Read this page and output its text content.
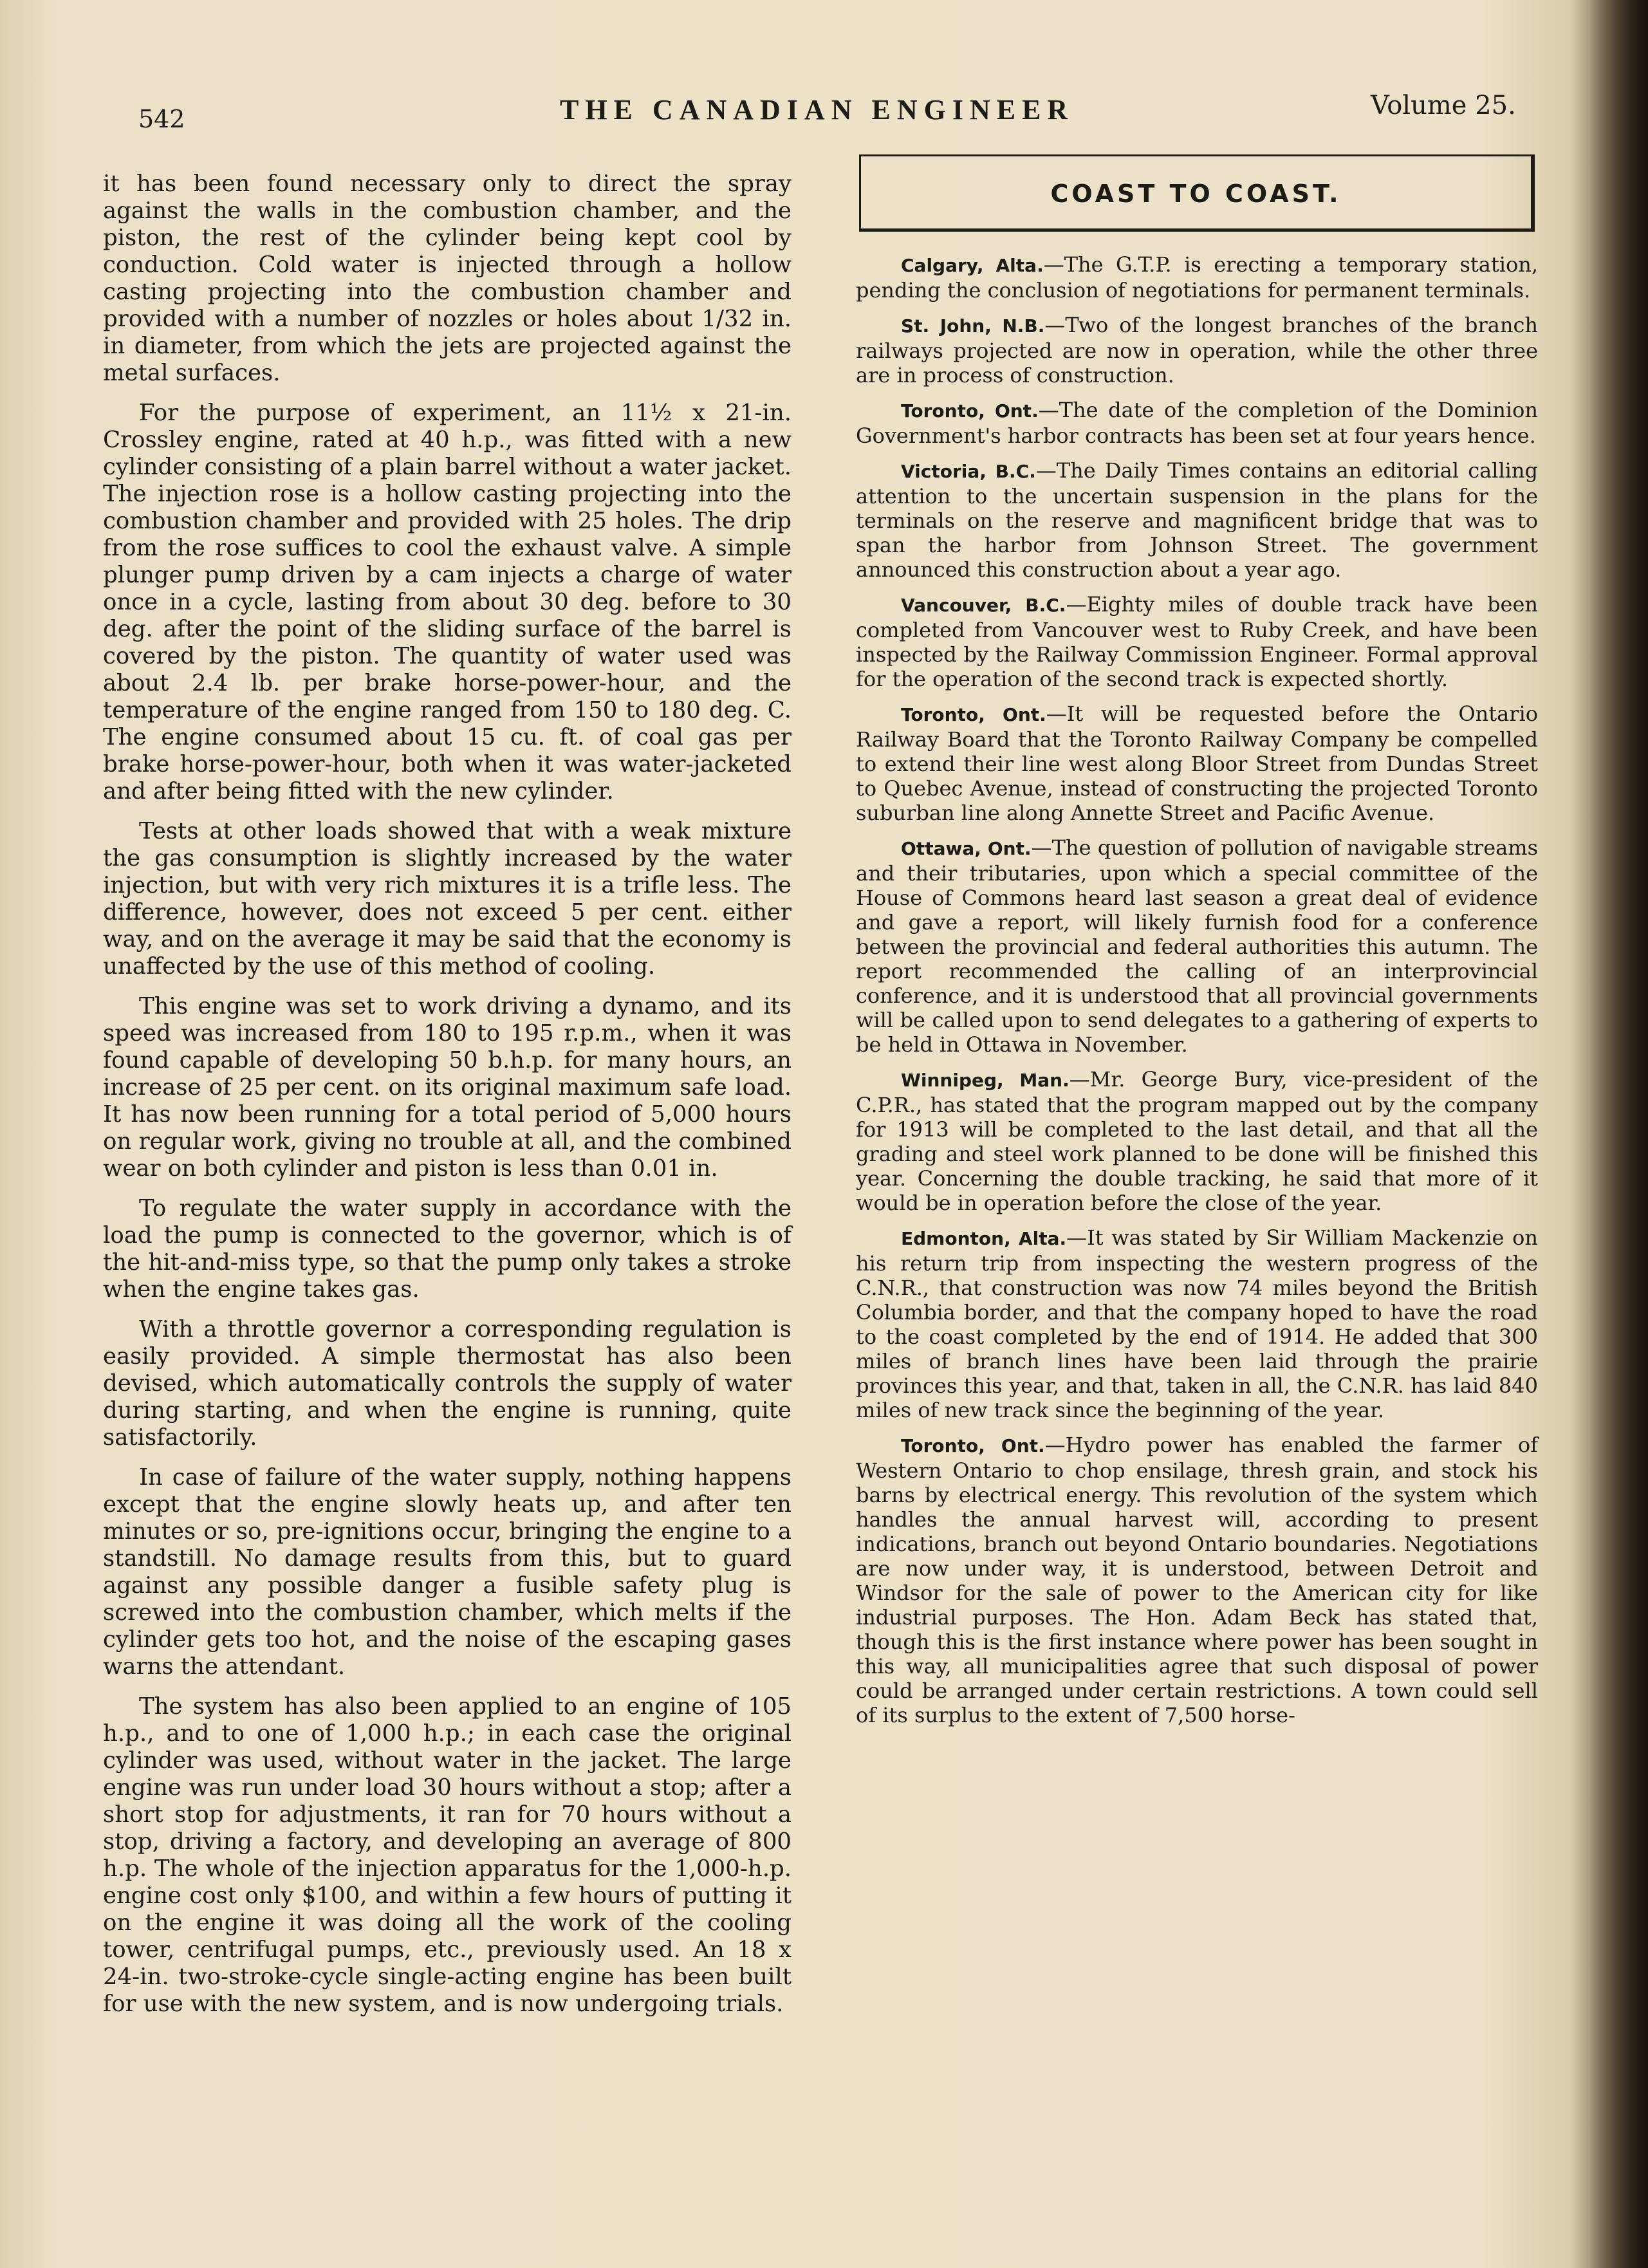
542	THE CANADIAN ENGINEER	Volume 25.

it has been found necessary only to direct the spray against the walls in the combustion chamber, and the piston, the rest of the cylinder being kept cool by conduction. Cold water is injected through a hollow casting projecting into the combustion chamber and provided with a number of nozzles or holes about 1/32 in. in diameter, from which the jets are projected against the metal surfaces.

For the purpose of experiment, an 11½ x 21-in. Crossley engine, rated at 40 h.p., was fitted with a new cylinder consisting of a plain barrel without a water jacket. The injection rose is a hollow casting projecting into the combustion chamber and provided with 25 holes. The drip from the rose suffices to cool the exhaust valve. A simple plunger pump driven by a cam injects a charge of water once in a cycle, lasting from about 30 deg. before to 30 deg. after the point of the sliding surface of the barrel is covered by the piston. The quantity of water used was about 2.4 lb. per brake horse-power-hour, and the temperature of the engine ranged from 150 to 180 deg. C. The engine consumed about 15 cu. ft. of coal gas per brake horse-power-hour, both when it was water-jacketed and after being fitted with the new cylinder.

Tests at other loads showed that with a weak mixture the gas consumption is slightly increased by the water injection, but with very rich mixtures it is a trifle less. The difference, however, does not exceed 5 per cent. either way, and on the average it may be said that the economy is unaffected by the use of this method of cooling.

This engine was set to work driving a dynamo, and its speed was increased from 180 to 195 r.p.m., when it was found capable of developing 50 b.h.p. for many hours, an increase of 25 per cent. on its original maximum safe load. It has now been running for a total period of 5,000 hours on regular work, giving no trouble at all, and the combined wear on both cylinder and piston is less than 0.01 in.

To regulate the water supply in accordance with the load the pump is connected to the governor, which is of the hit-and-miss type, so that the pump only takes a stroke when the engine takes gas.

With a throttle governor a corresponding regulation is easily provided. A simple thermostat has also been devised, which automatically controls the supply of water during starting, and when the engine is running, quite satisfactorily.

In case of failure of the water supply, nothing happens except that the engine slowly heats up, and after ten minutes or so, pre-ignitions occur, bringing the engine to a standstill. No damage results from this, but to guard against any possible danger a fusible safety plug is screwed into the combustion chamber, which melts if the cylinder gets too hot, and the noise of the escaping gases warns the attendant.

The system has also been applied to an engine of 105 h.p., and to one of 1,000 h.p.; in each case the original cylinder was used, without water in the jacket. The large engine was run under load 30 hours without a stop; after a short stop for adjustments, it ran for 70 hours without a stop, driving a factory, and developing an average of 800 h.p. The whole of the injection apparatus for the 1,000-h.p. engine cost only $100, and within a few hours of putting it on the engine it was doing all the work of the cooling tower, centrifugal pumps, etc., previously used. An 18 x 24-in. two-stroke-cycle single-acting engine has been built for use with the new system, and is now undergoing trials.

COAST TO COAST.

Calgary, Alta.—The G.T.P. is erecting a temporary station, pending the conclusion of negotiations for permanent terminals.

St. John, N.B.—Two of the longest branches of the branch railways projected are now in operation, while the other three are in process of construction.

Toronto, Ont.—The date of the completion of the Dominion Government's harbor contracts has been set at four years hence.

Victoria, B.C.—The Daily Times contains an editorial calling attention to the uncertain suspension in the plans for the terminals on the reserve and magnificent bridge that was to span the harbor from Johnson Street. The government announced this construction about a year ago.

Vancouver, B.C.—Eighty miles of double track have been completed from Vancouver west to Ruby Creek, and have been inspected by the Railway Commission Engineer. Formal approval for the operation of the second track is expected shortly.

Toronto, Ont.—It will be requested before the Ontario Railway Board that the Toronto Railway Company be compelled to extend their line west along Bloor Street from Dundas Street to Quebec Avenue, instead of constructing the projected Toronto suburban line along Annette Street and Pacific Avenue.

Ottawa, Ont.—The question of pollution of navigable streams and their tributaries, upon which a special committee of the House of Commons heard last season a great deal of evidence and gave a report, will likely furnish food for a conference between the provincial and federal authorities this autumn. The report recommended the calling of an interprovincial conference, and it is understood that all provincial governments will be called upon to send delegates to a gathering of experts to be held in Ottawa in November.

Winnipeg, Man.—Mr. George Bury, vice-president of the C.P.R., has stated that the program mapped out by the company for 1913 will be completed to the last detail, and that all the grading and steel work planned to be done will be finished this year. Concerning the double tracking, he said that more of it would be in operation before the close of the year.

Edmonton, Alta.—It was stated by Sir William Mackenzie on his return trip from inspecting the western progress of the C.N.R., that construction was now 74 miles beyond the British Columbia border, and that the company hoped to have the road to the coast completed by the end of 1914. He added that 300 miles of branch lines have been laid through the prairie provinces this year, and that, taken in all, the C.N.R. has laid 840 miles of new track since the beginning of the year.

Toronto, Ont.—Hydro power has enabled the farmer of Western Ontario to chop ensilage, thresh grain, and stock his barns by electrical energy. This revolution of the system which handles the annual harvest will, according to present indications, branch out beyond Ontario boundaries. Negotiations are now under way, it is understood, between Detroit and Windsor for the sale of power to the American city for like industrial purposes. The Hon. Adam Beck has stated that, though this is the first instance where power has been sought in this way, all municipalities agree that such disposal of power could be arranged under certain restrictions. A town could sell of its surplus to the extent of 7,500 horse-
